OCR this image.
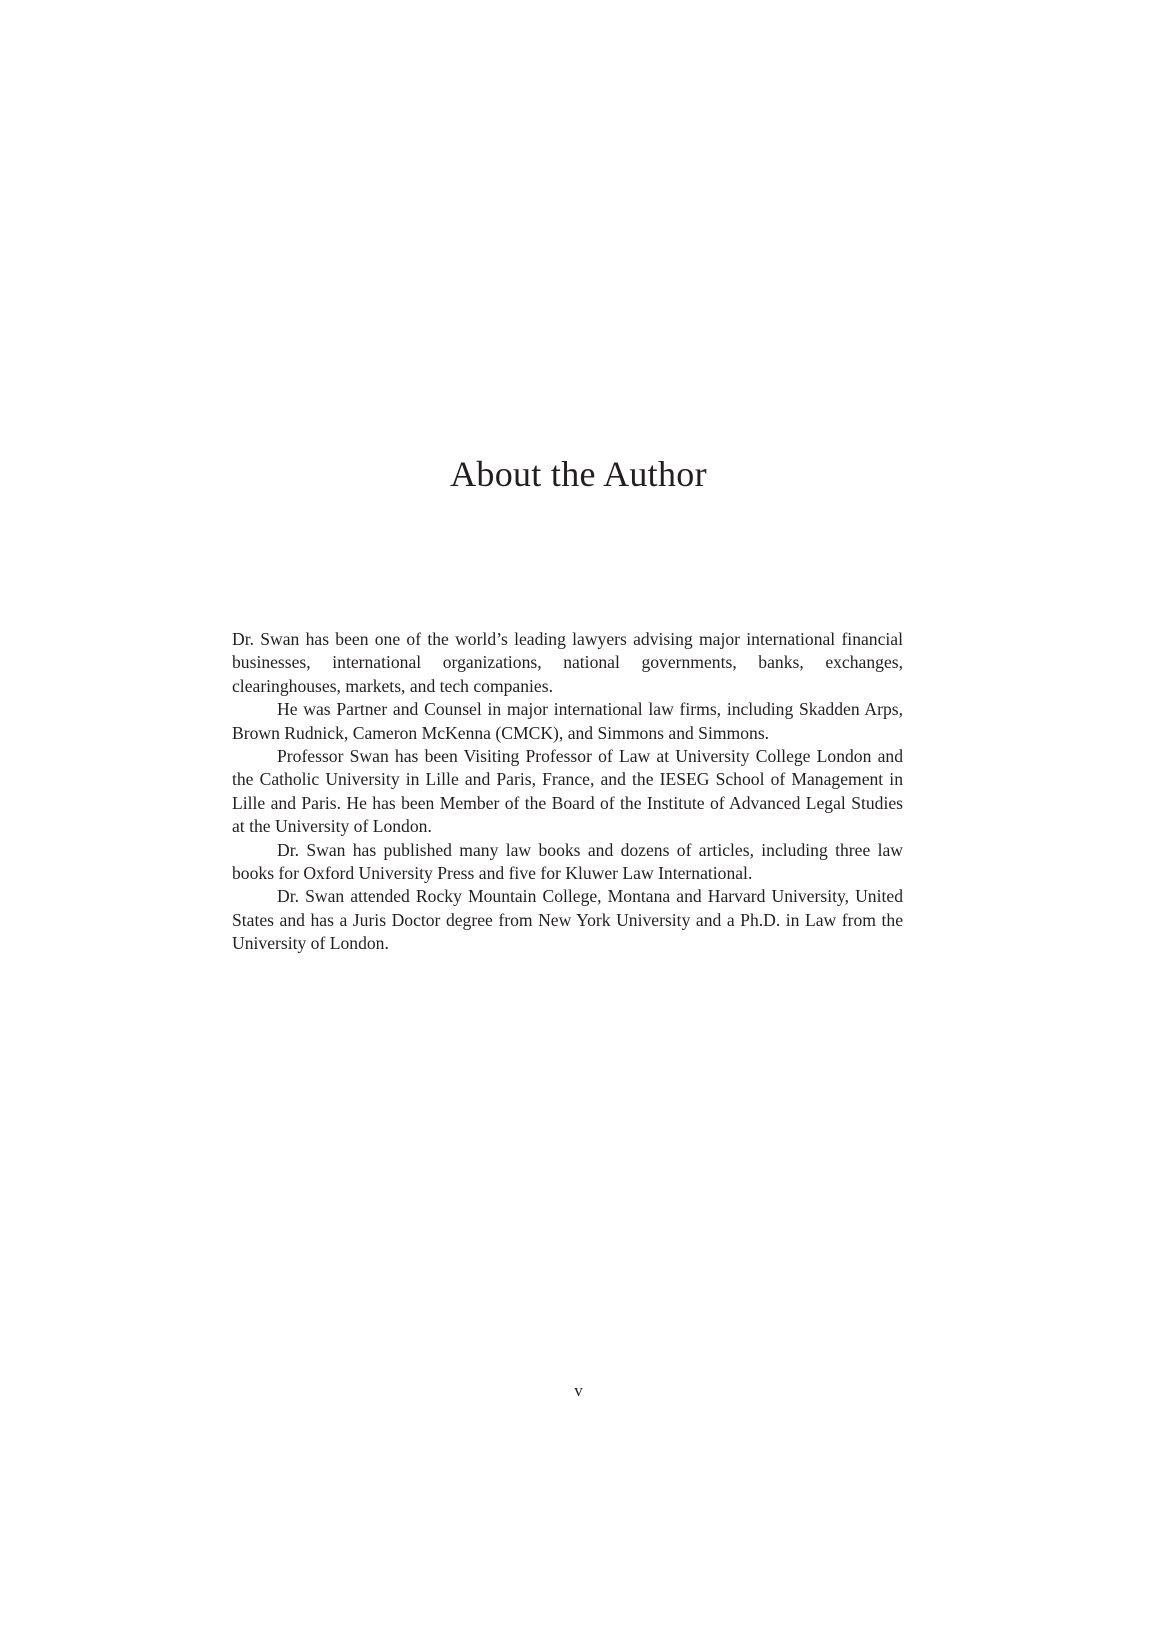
About the Author

Dr. Swan has been one of the world’s leading lawyers advising major international financial businesses, international organizations, national governments, banks, exchanges, clearinghouses, markets, and tech companies.

He was Partner and Counsel in major international law firms, including Skadden Arps, Brown Rudnick, Cameron McKenna (CMCK), and Simmons and Simmons.

Professor Swan has been Visiting Professor of Law at University College London and the Catholic University in Lille and Paris, France, and the IESEG School of Management in Lille and Paris. He has been Member of the Board of the Institute of Advanced Legal Studies at the University of London.

Dr. Swan has published many law books and dozens of articles, including three law books for Oxford University Press and five for Kluwer Law International.

Dr. Swan attended Rocky Mountain College, Montana and Harvard University, United States and has a Juris Doctor degree from New York University and a Ph.D. in Law from the University of London.

v
